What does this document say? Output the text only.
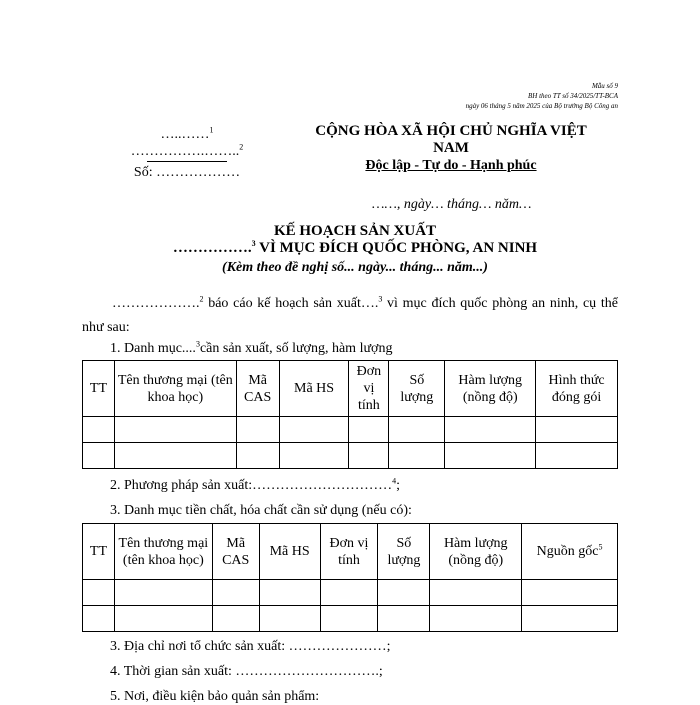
Mẫu số 9
BH theo TT số 34/2025/TT-BCA
ngày 06 tháng 5 năm 2025 của Bộ trưởng Bộ Công an
…..……$^1$
…………….……..$^2$
Số: ………………
CỘNG HÒA XÃ HỘI CHỦ NGHĨA VIỆT
NAM
Độc lập - Tự do - Hạnh phúc
……, ngày… tháng… năm…
KẾ HOẠCH SẢN XUẤT
…………….$^3$ VÌ MỤC ĐÍCH QUỐC PHÒNG, AN NINH
(Kèm theo đề nghị số... ngày... tháng... năm...)
……………….$^2$ báo cáo kế hoạch sản xuất….$^3$ vì mục đích quốc phòng an ninh, cụ thể như sau:
1. Danh mục....$^3$cần sản xuất, số lượng, hàm lượng
TT	Tên thương mại (tên khoa học)	Mã CAS	Mã HS	Đơn vị tính	Số lượng	Hàm lượng (nồng độ)	Hình thức đóng gói

2. Phương pháp sản xuất:…………………………$^4$;
3. Danh mục tiền chất, hóa chất cần sử dụng (nếu có):
TT	Tên thương mại (tên khoa học)	Mã CAS	Mã HS	Đơn vị tính	Số lượng	Hàm lượng (nồng độ)	Nguồn gốc$^5$

3. Địa chỉ nơi tổ chức sản xuất: …………………;
4. Thời gian sản xuất: ………………………….;
5. Nơi, điều kiện bảo quản sản phẩm:
